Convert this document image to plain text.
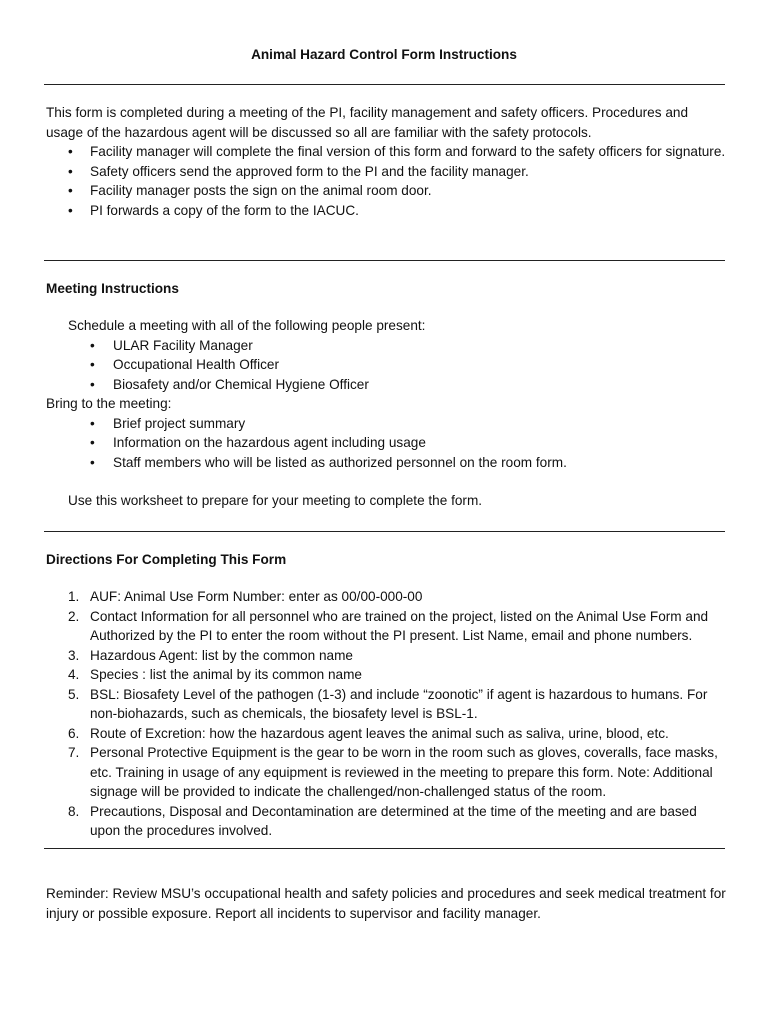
Animal Hazard Control Form Instructions

This form is completed during a meeting of the PI, facility management and safety officers. Procedures and usage of the hazardous agent will be discussed so all are familiar with the safety protocols.

• Facility manager will complete the final version of this form and forward to the safety officers for signature.
• Safety officers send the approved form to the PI and the facility manager.
• Facility manager posts the sign on the animal room door.
• PI forwards a copy of the form to the IACUC.
Meeting Instructions

Schedule a meeting with all of the following people present:

• ULAR Facility Manager
• Occupational Health Officer
• Biosafety and/or Chemical Hygiene Officer

Bring to the meeting:

• Brief project summary
• Information on the hazardous agent including usage
• Staff members who will be listed as authorized personnel on the room form.

Use this worksheet to prepare for your meeting to complete the form.

Directions For Completing This Form
1. AUF: Animal Use Form Number: enter as 00/00-000-00
2. Contact Information for all personnel who are trained on the project, listed on the Animal Use Form and Authorized by the PI to enter the room without the PI present. List Name, email and phone numbers.
3. Hazardous Agent: list by the common name
4. Species : list the animal by its common name
5. BSL: Biosafety Level of the pathogen (1-3) and include “zoonotic” if agent is hazardous to humans. For non-biohazards, such as chemicals, the biosafety level is BSL-1.
6. Route of Excretion: how the hazardous agent leaves the animal such as saliva, urine, blood, etc.
7. Personal Protective Equipment is the gear to be worn in the room such as gloves, coveralls, face masks, etc. Training in usage of any equipment is reviewed in the meeting to prepare this form. Note: Additional signage will be provided to indicate the challenged/non-challenged status of the room.
8. Precautions, Disposal and Decontamination are determined at the time of the meeting and are based upon the procedures involved.

Reminder: Review MSU’s occupational health and safety policies and procedures and seek medical treatment for injury or possible exposure. Report all incidents to supervisor and facility manager.
